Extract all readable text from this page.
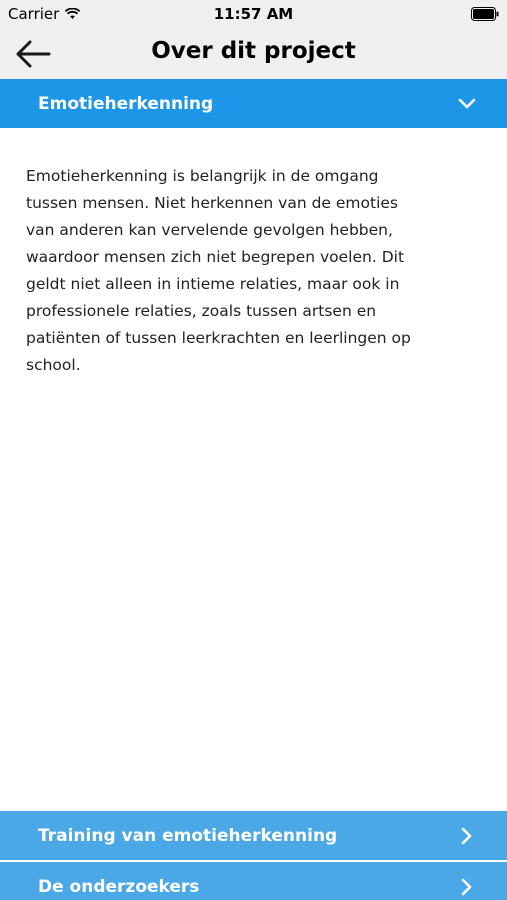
Carrier	11:57 AM
Over dit project
Emotieherkenning
Emotieherkenning is belangrijk in de omgang tussen mensen. Niet herkennen van de emoties van anderen kan vervelende gevolgen hebben, waardoor mensen zich niet begrepen voelen. Dit geldt niet alleen in intieme relaties, maar ook in professionele relaties, zoals tussen artsen en patiënten of tussen leerkrachten en leerlingen op school.
Training van emotieherkenning
De onderzoekers
